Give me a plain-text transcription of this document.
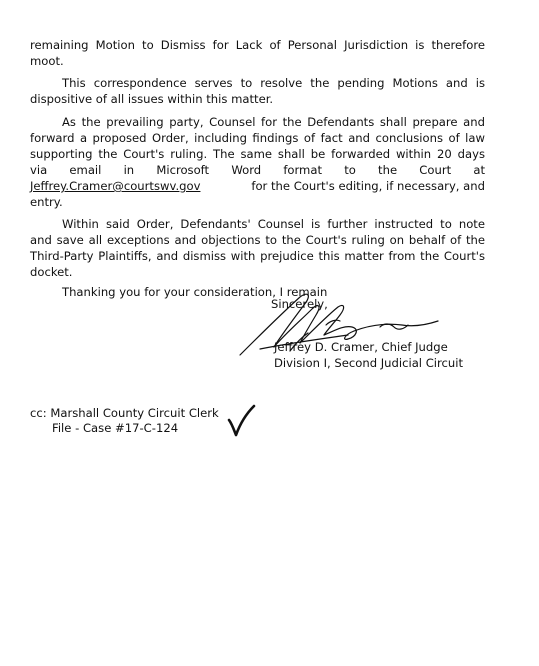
remaining Motion to Dismiss for Lack of Personal Jurisdiction is therefore
moot.
This correspondence serves to resolve the pending Motions and is
dispositive of all issues within this matter.
As the prevailing party, Counsel for the Defendants shall prepare and
forward a proposed Order, including findings of fact and conclusions of law
supporting the Court's ruling. The same shall be forwarded within 20 days
via email in Microsoft Word format to the Court at
Jeffrey.Cramer@courtswv.gov	for the Court's editing, if necessary, and
entry.
Within said Order, Defendants' Counsel is further instructed to note
and save all exceptions and objections to the Court's ruling on behalf of the
Third-Party Plaintiffs, and dismiss with prejudice this matter from the Court's
docket.
Thanking you for your consideration, I remain
Sincerely,
Jeffrey D. Cramer, Chief Judge
Division I, Second Judicial Circuit
cc: Marshall County Circuit Clerk
File - Case #17-C-124
